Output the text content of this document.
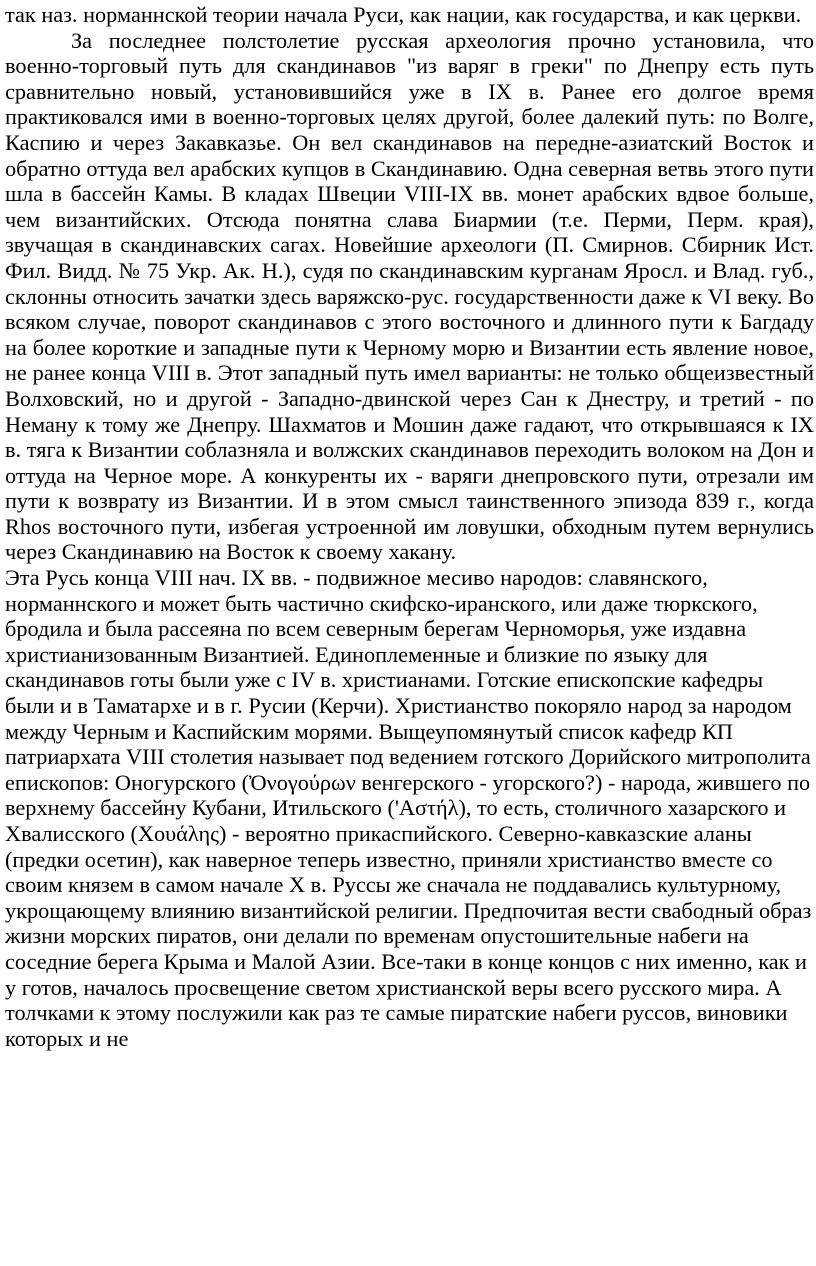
так наз. норманнской теории начала Руси, как нации, как государства, и как церкви.

За последнее полстолетие русская археология прочно установила, что военно-торговый путь для скандинавов "из варяг в греки" по Днепру есть путь сравнительно новый, установившийся уже в IX в. Ранее его долгое время практиковался ими в военно-торговых целях другой, более далекий путь: по Волге, Каспию и через Закавказье. Он вел скандинавов на передне-азиатский Восток и обратно оттуда вел арабских купцов в Скандинавию. Одна северная ветвь этого пути шла в бассейн Камы. В кладах Швеции VIII-IX вв. монет арабских вдвое больше, чем византийских. Отсюда понятна слава Биармии (т.е. Перми, Перм. края), звучащая в скандинавских сагах. Новейшие археологи (П. Смирнов. Сбирник Ист. Фил. Видд. № 75 Укр. Ак. Н.), судя по скандинавским курганам Яросл. и Влад. губ., склонны относить зачатки здесь варяжско-рус. государственности даже к VI веку. Во всяком случае, поворот скандинавов с этого восточного и длинного пути к Багдаду на более короткие и западные пути к Черному морю и Византии есть явление новое, не ранее конца VIII в. Этот западный путь имел варианты: не только общеизвестный Волховский, но и другой - Западно-двинской через Сан к Днестру, и третий - по Неману к тому же Днепру. Шахматов и Мошин даже гадают, что открывшаяся к IX в. тяга к Византии соблазняла и волжских скандинавов переходить волоком на Дон и оттуда на Черное море. А конкуренты их - варяги днепровского пути, отрезали им пути к возврату из Византии. И в этом смысл таинственного эпизода 839 г., когда Rhos восточного пути, избегая устроенной им ловушки, обходным путем вернулись через Скандинавию на Восток к своему хакану.

Эта Русь конца VIII нач. IX вв. - подвижное месиво народов: славянского, норманнского и может быть частично скифско-иранского, или даже тюркского, бродила и была рассеяна по всем северным берегам Черноморья, уже издавна христианизованным Византией. Единоплеменные и близкие по языку для скандинавов готы были уже с IV в. христианами. Готские епископские кафедры были и в Таматархе и в г. Русии (Керчи). Христианство покоряло народ за народом между Черным и Каспийским морями. Выщеупомянутый список кафедр КП патриархата VIII столетия называет под ведением готского Дорийского митрополита епископов: Оногурского (Ὀνογούρων венгерского - угорского?) - народа, жившего по верхнему бассейну Кубани, Итильского ('Αστήλ), то есть, столичного хазарского и Хвалисского (Χουάλης) - вероятно прикаспийского. Северно-кавказские аланы (предки осетин), как наверное теперь известно, приняли христианство вместе со своим князем в самом начале X в. Руссы же сначала не поддавались культурному, укрощающему влиянию византийской религии. Предпочитая вести свабодный образ жизни морских пиратов, они делали по временам опустошительные набеги на соседние берега Крыма и Малой Азии. Все-таки в конце концов с них именно, как и у готов, началось просвещение светом христианской веры всего русского мира. А толчками к этому послужили как раз те самые пиратские набеги руссов, виновики которых и не
